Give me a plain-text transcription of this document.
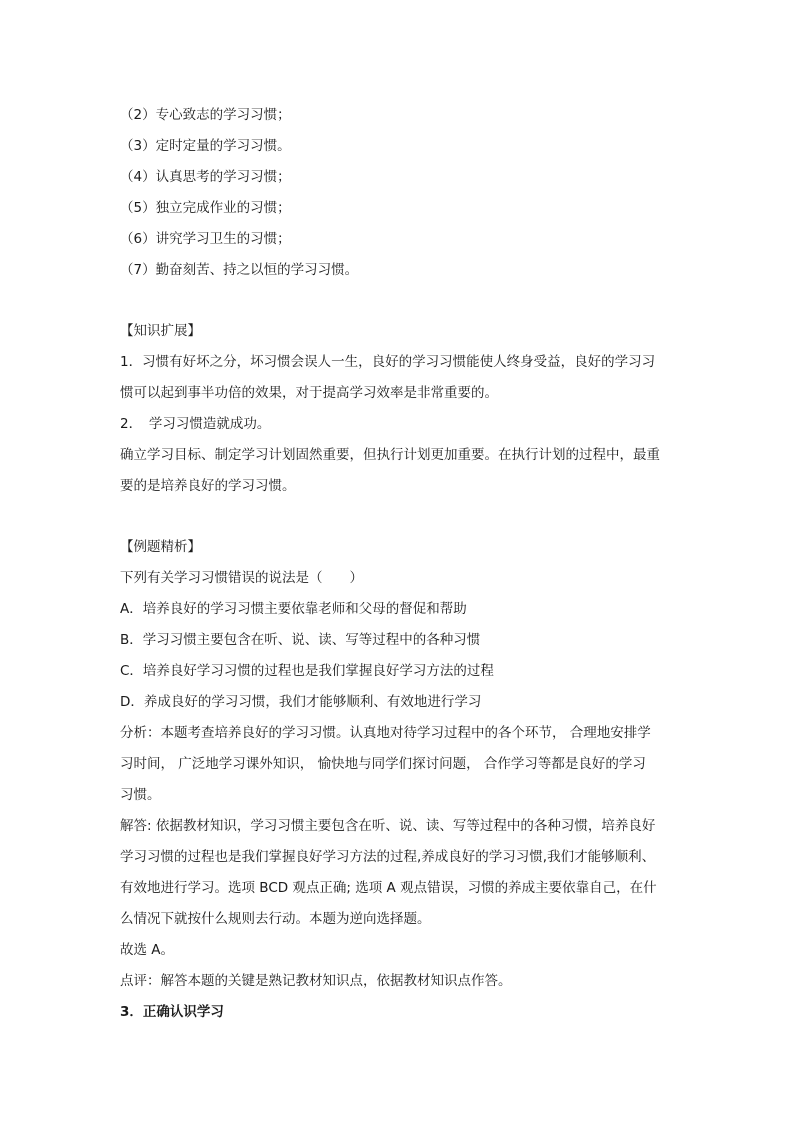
（2）专心致志的学习习惯；
（3）定时定量的学习习惯。
（4）认真思考的学习习惯；
（5）独立完成作业的习惯；
（6）讲究学习卫生的习惯；
（7）勤奋刻苦、持之以恒的学习习惯。
【知识扩展】
1．习惯有好坏之分，坏习惯会误人一生，良好的学习习惯能使人终身受益，良好的学习习
惯可以起到事半功倍的效果，对于提高学习效率是非常重要的。
2．　学习习惯造就成功。
确立学习目标、制定学习计划固然重要，但执行计划更加重要。在执行计划的过程中，最重
要的是培养良好的学习习惯。
【例题精析】
下列有关学习习惯错误的说法是（　　）
A．培养良好的学习习惯主要依靠老师和父母的督促和帮助
B．学习习惯主要包含在听、说、读、写等过程中的各种习惯
C．培养良好学习习惯的过程也是我们掌握良好学习方法的过程
D．养成良好的学习习惯，我们才能够顺利、有效地进行学习
分析：本题考查培养良好的学习习惯。认真地对待学习过程中的各个环节， 合理地安排学
习时间， 广泛地学习课外知识， 愉快地与同学们探讨问题， 合作学习等都是良好的学习
习惯。
解答: 依据教材知识，学习习惯主要包含在听、说、读、写等过程中的各种习惯，培养良好
学习习惯的过程也是我们掌握良好学习方法的过程,养成良好的学习习惯,我们才能够顺利、
有效地进行学习。选项 BCD 观点正确; 选项 A 观点错误，习惯的养成主要依靠自己，在什
么情况下就按什么规则去行动。本题为逆向选择题。
故选 A。
点评：解答本题的关键是熟记教材知识点，依据教材知识点作答。
3．正确认识学习
